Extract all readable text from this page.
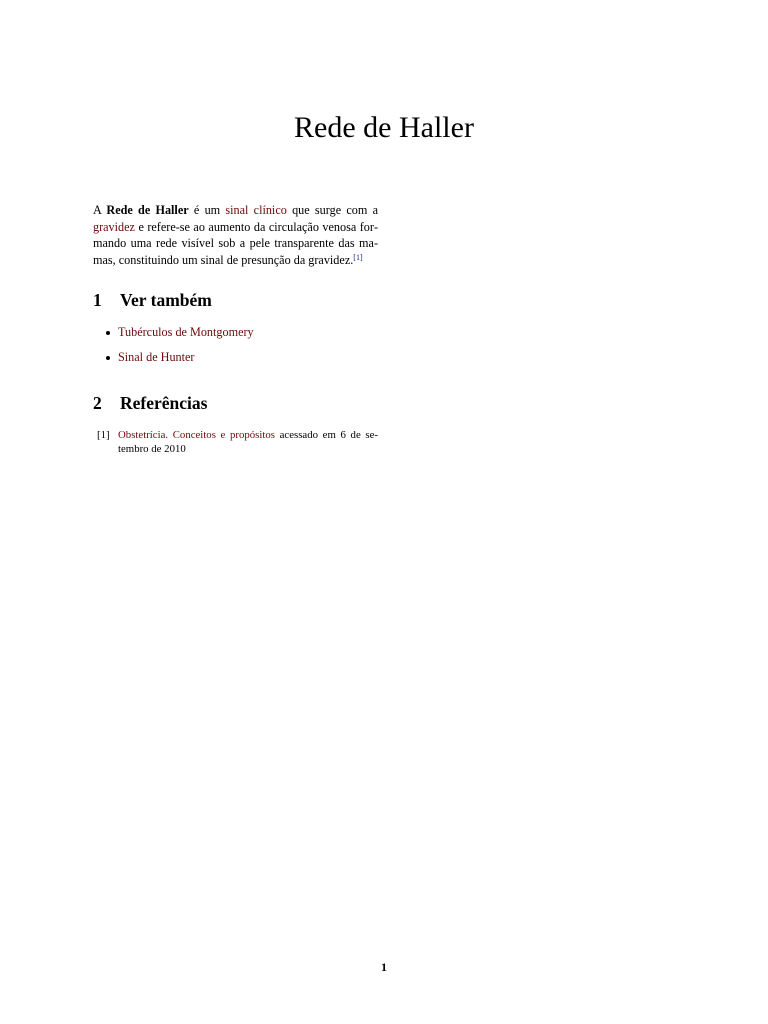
Rede de Haller

A Rede de Haller é um sinal clínico que surge com a gravidez e refere-se ao aumento da circulação venosa formando uma rede visível sob a pele transparente das mamas, constituindo um sinal de presunção da gravidez.[1]

1 Ver também
Tubérculos de Montgomery
Sinal de Hunter
2 Referências
[1] Obstetrícia. Conceitos e propósitos acessado em 6 de setembro de 2010
1
